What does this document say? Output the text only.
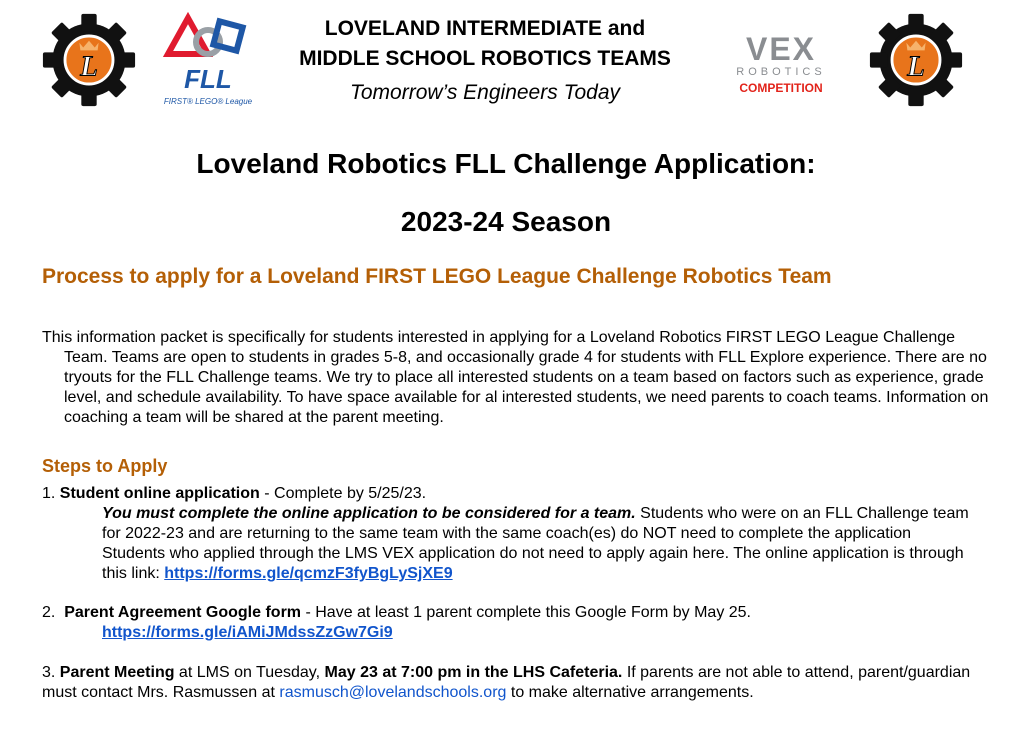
L	FLL
FIRST® LEGO® League
LOVELAND INTERMEDIATE and
MIDDLE SCHOOL ROBOTICS TEAMS
Tomorrow’s Engineers Today
VEX
ROBOTICS
COMPETITION
L
Loveland Robotics FLL Challenge Application:
2023-24 Season
Process to apply for a Loveland FIRST LEGO League Challenge Robotics Team
This information packet is specifically for students interested in applying for a Loveland Robotics FIRST LEGO League Challenge Team. Teams are open to students in grades 5-8, and occasionally grade 4 for students with FLL Explore experience. There are no tryouts for the FLL Challenge teams. We try to place all interested students on a team based on factors such as experience, grade level, and schedule availability. To have space available for al interested students, we need parents to coach teams. Information on coaching a team will be shared at the parent meeting.
Steps to Apply
1. Student online application - Complete by 5/25/23.
You must complete the online application to be considered for a team. Students who were on an FLL Challenge team for 2022-23 and are returning to the same team with the same coach(es) do NOT need to complete the application Students who applied through the LMS VEX application do not need to apply again here. The online application is through this link: https://forms.gle/qcmzF3fyBgLySjXE9
2. Parent Agreement Google form - Have at least 1 parent complete this Google Form by May 25.
https://forms.gle/iAMiJMdssZzGw7Gi9
3. Parent Meeting at LMS on Tuesday, May 23 at 7:00 pm in the LHS Cafeteria. If parents are not able to attend, parent/guardian must contact Mrs. Rasmussen at rasmusch@lovelandschools.org to make alternative arrangements.
